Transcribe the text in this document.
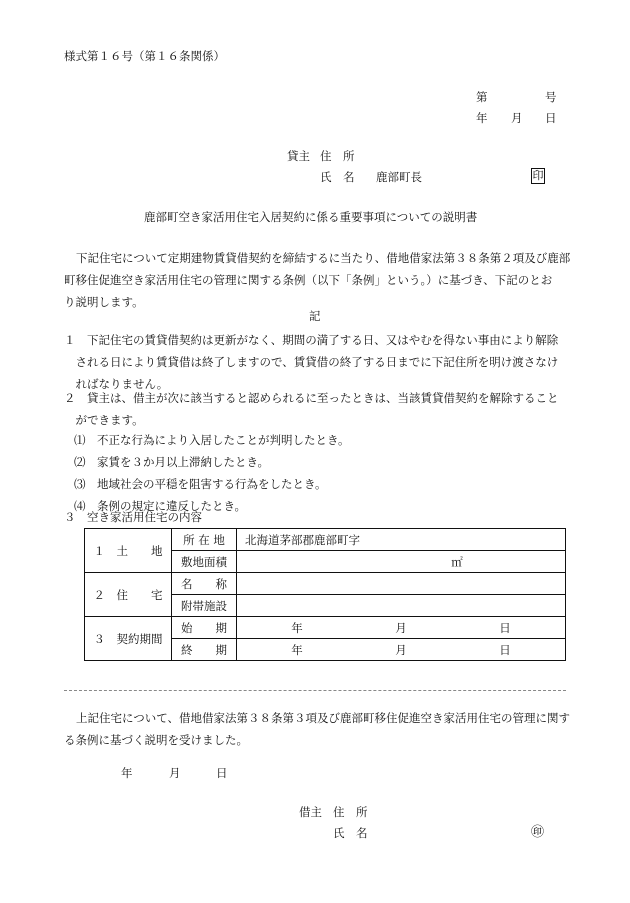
様式第１６号（第１６条関係）
第	号
年 月 日
貸主 住　所
氏　名 鹿部町長	印
鹿部町空き家活用住宅入居契約に係る重要事項についての説明書

下記住宅について定期建物賃貸借契約を締結するに当たり、借地借家法第３８条第２項及び鹿部

町移住促進空き家活用住宅の管理に関する条例（以下「条例」という。）に基づき、下記のとお

り説明します。

記

１　下記住宅の賃貸借契約は更新がなく、期間の満了する日、又はやむを得ない事由により解除

　される日により賃貸借は終了しますので、賃貸借の終了する日までに下記住所を明け渡さなけ

　ればなりません。

２　貸主は、借主が次に該当すると認められるに至ったときは、当該賃貸借契約を解除すること

　ができます。

⑴　不正な行為により入居したことが判明したとき。

⑵　家賃を３か月以上滞納したとき。

⑶　地域社会の平穏を阻害する行為をしたとき。

⑷　条例の規定に違反したとき。

３　空き家活用住宅の内容
１　土　　地	所 在 地	北海道茅部郡鹿部町字
	敷地面積	㎡
２　住　　宅	名　　称	
	附帯施設	
３　契約期間	始　　期	年 月 日

	終　　期	年 月 日

上記住宅について、借地借家法第３８条第３項及び鹿部町移住促進空き家活用住宅の管理に関す

る条例に基づく説明を受けました。

年	月	日
借主 住　所
氏　名	㊞
